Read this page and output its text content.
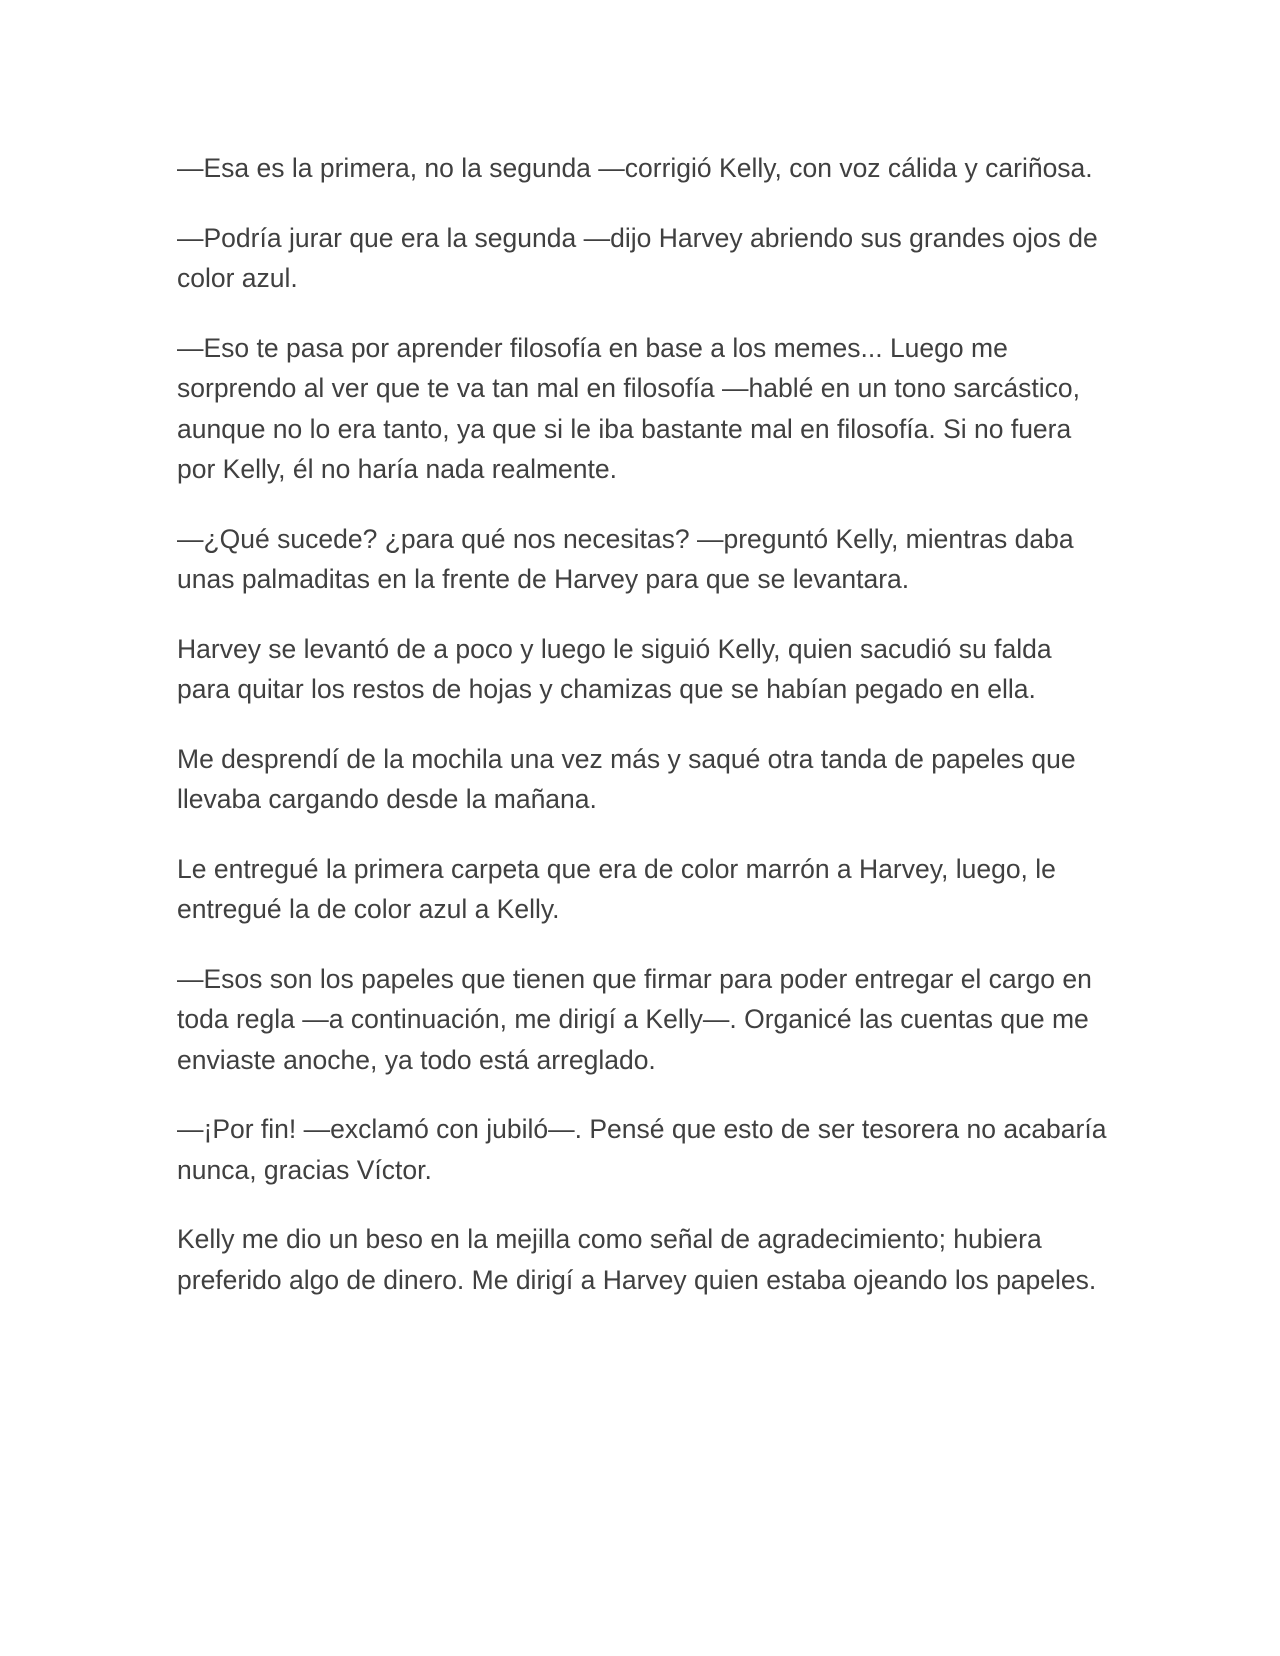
—Esa es la primera, no la segunda —corrigió Kelly, con voz cálida y cariñosa.

—Podría jurar que era la segunda —dijo Harvey abriendo sus grandes ojos de color azul.

—Eso te pasa por aprender filosofía en base a los memes... Luego me sorprendo al ver que te va tan mal en filosofía —hablé en un tono sarcástico, aunque no lo era tanto, ya que si le iba bastante mal en filosofía. Si no fuera por Kelly, él no haría nada realmente.

—¿Qué sucede? ¿para qué nos necesitas? —preguntó Kelly, mientras daba unas palmaditas en la frente de Harvey para que se levantara.

Harvey se levantó de a poco y luego le siguió Kelly, quien sacudió su falda para quitar los restos de hojas y chamizas que se habían pegado en ella.

Me desprendí de la mochila una vez más y saqué otra tanda de papeles que llevaba cargando desde la mañana.

Le entregué la primera carpeta que era de color marrón a Harvey, luego, le entregué la de color azul a Kelly.

—Esos son los papeles que tienen que firmar para poder entregar el cargo en toda regla —a continuación, me dirigí a Kelly—. Organicé las cuentas que me enviaste anoche, ya todo está arreglado.

—¡Por fin! —exclamó con jubiló—. Pensé que esto de ser tesorera no acabaría nunca, gracias Víctor.

Kelly me dio un beso en la mejilla como señal de agradecimiento; hubiera preferido algo de dinero. Me dirigí a Harvey quien estaba ojeando los papeles.
